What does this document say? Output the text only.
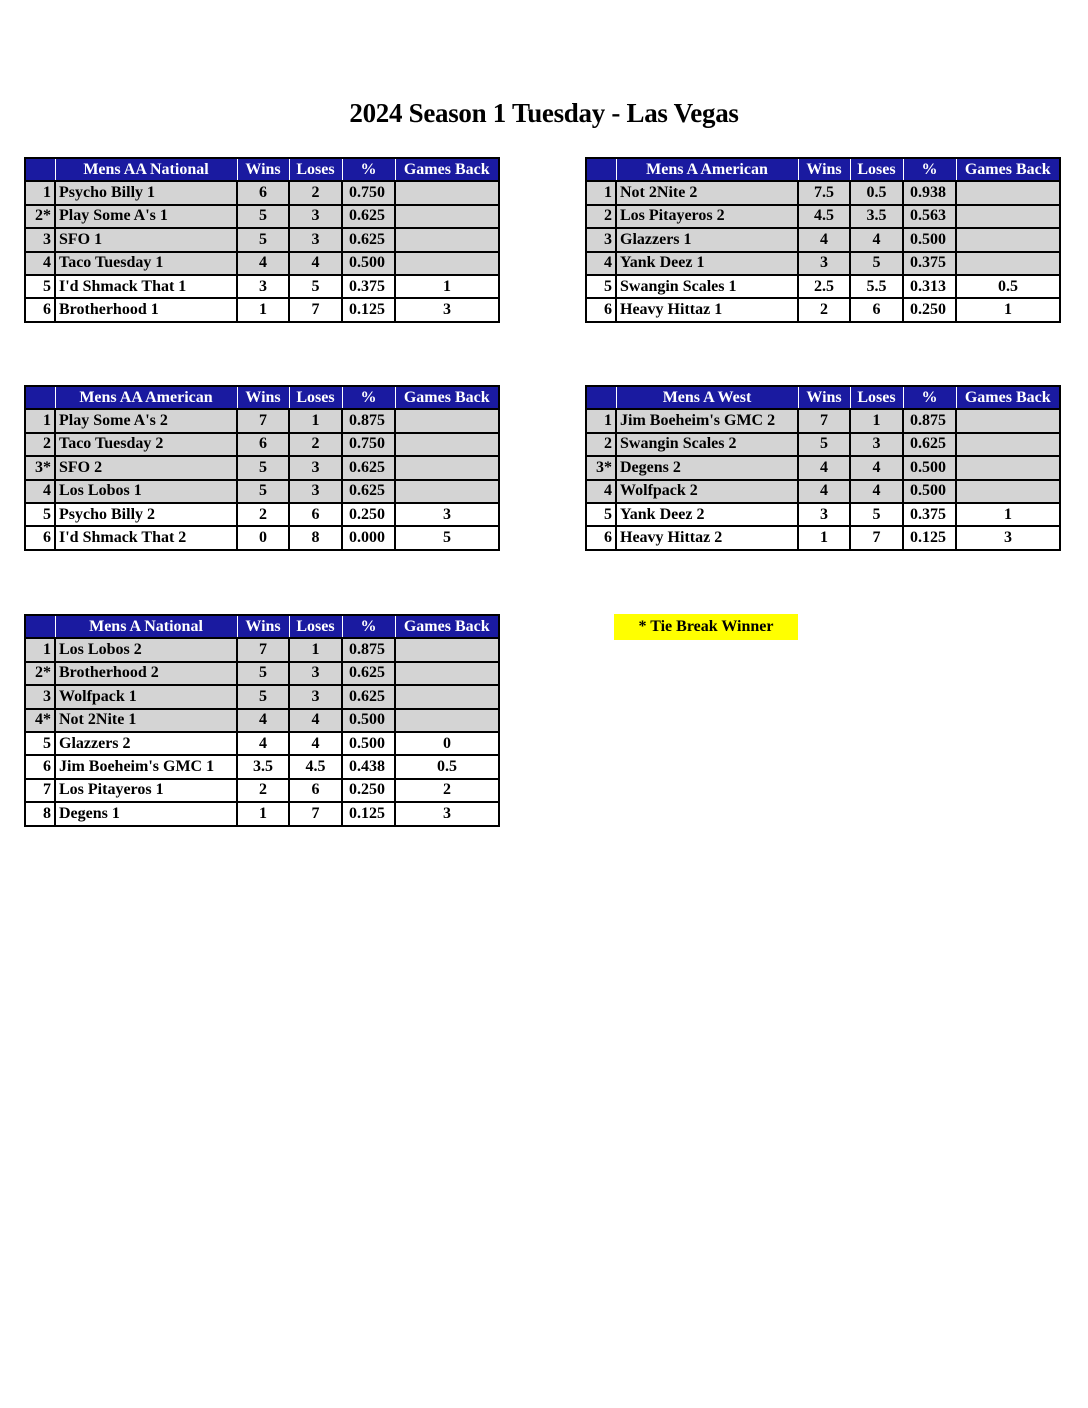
2024 Season 1 Tuesday - Las Vegas
	Mens AA National	Wins	Loses	%	Games Back
1	Psycho Billy 1	6	2	0.750	
2*	Play Some A's 1	5	3	0.625	
3	SFO 1	5	3	0.625	
4	Taco Tuesday 1	4	4	0.500	
5	I'd Shmack That 1	3	5	0.375	1
6	Brotherhood 1	1	7	0.125	3
	Mens A American	Wins	Loses	%	Games Back
1	Not 2Nite 2	7.5	0.5	0.938	
2	Los Pitayeros 2	4.5	3.5	0.563	
3	Glazzers 1	4	4	0.500	
4	Yank Deez 1	3	5	0.375	
5	Swangin Scales 1	2.5	5.5	0.313	0.5
6	Heavy Hittaz 1	2	6	0.250	1
	Mens AA American	Wins	Loses	%	Games Back
1	Play Some A's 2	7	1	0.875	
2	Taco Tuesday 2	6	2	0.750	
3*	SFO 2	5	3	0.625	
4	Los Lobos 1	5	3	0.625	
5	Psycho Billy 2	2	6	0.250	3
6	I'd Shmack That 2	0	8	0.000	5
	Mens A West	Wins	Loses	%	Games Back
1	Jim Boeheim's GMC 2	7	1	0.875	
2	Swangin Scales 2	5	3	0.625	
3*	Degens 2	4	4	0.500	
4	Wolfpack 2	4	4	0.500	
5	Yank Deez 2	3	5	0.375	1
6	Heavy Hittaz 2	1	7	0.125	3
	Mens A National	Wins	Loses	%	Games Back
1	Los Lobos 2	7	1	0.875	
2*	Brotherhood 2	5	3	0.625	
3	Wolfpack 1	5	3	0.625	
4*	Not 2Nite 1	4	4	0.500	
5	Glazzers 2	4	4	0.500	0
6	Jim Boeheim's GMC 1	3.5	4.5	0.438	0.5
7	Los Pitayeros 1	2	6	0.250	2
8	Degens 1	1	7	0.125	3
* Tie Break Winner
